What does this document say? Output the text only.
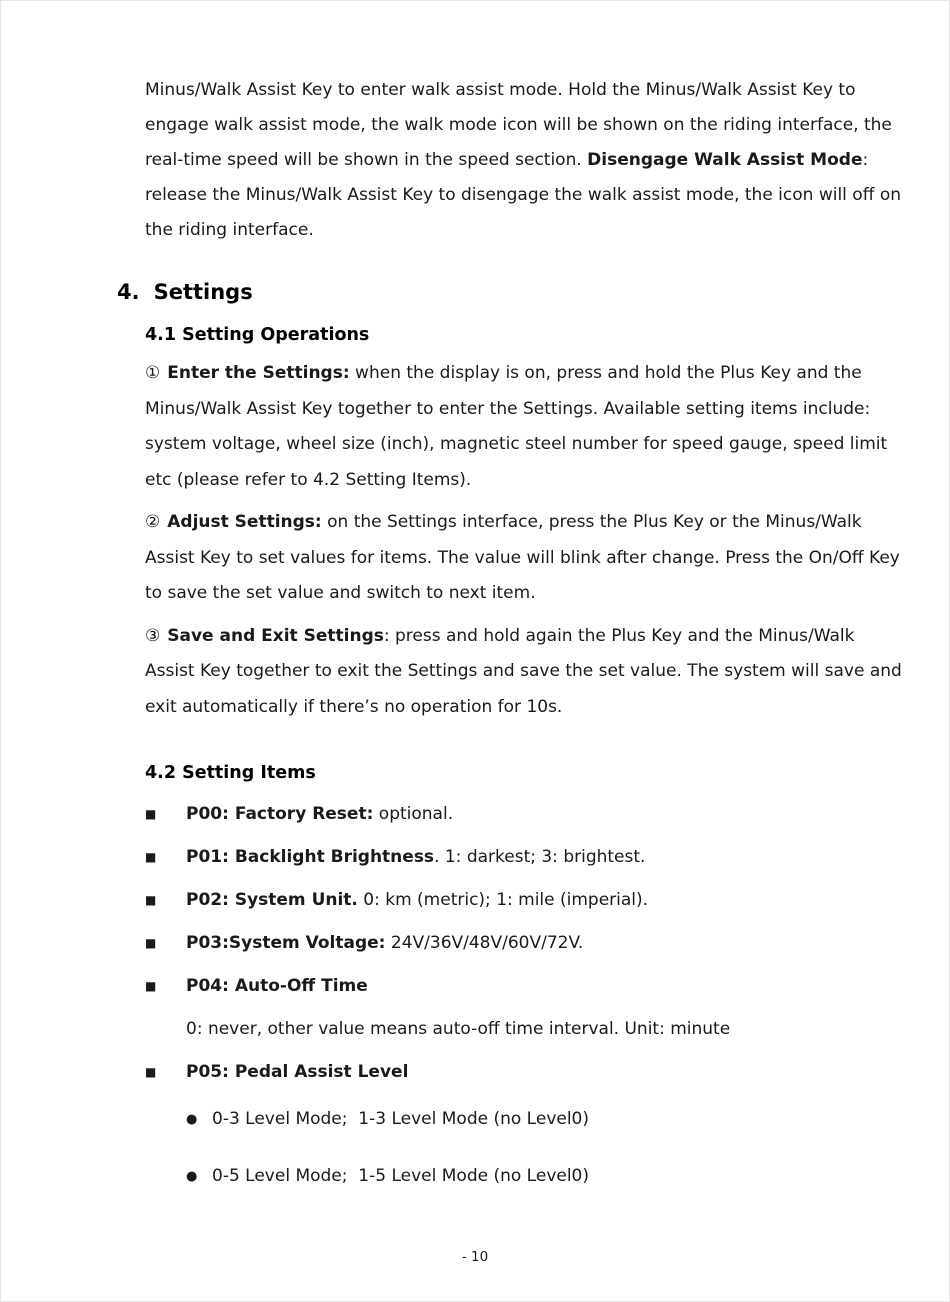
Minus/Walk Assist Key to enter walk assist mode. Hold the Minus/Walk Assist Key to engage walk assist mode, the walk mode icon will be shown on the riding interface, the real-time speed will be shown in the speed section. Disengage Walk Assist Mode: release the Minus/Walk Assist Key to disengage the walk assist mode, the icon will off on the riding interface.

4. Settings
4.1 Setting Operations

① Enter the Settings: when the display is on, press and hold the Plus Key and the Minus/Walk Assist Key together to enter the Settings. Available setting items include: system voltage, wheel size (inch), magnetic steel number for speed gauge, speed limit etc (please refer to 4.2 Setting Items).

② Adjust Settings: on the Settings interface, press the Plus Key or the Minus/Walk Assist Key to set values for items. The value will blink after change. Press the On/Off Key to save the set value and switch to next item.

③ Save and Exit Settings: press and hold again the Plus Key and the Minus/Walk Assist Key together to exit the Settings and save the set value. The system will save and exit automatically if there’s no operation for 10s.

4.2 Setting Items
■	P00: Factory Reset: optional.
■	P01: Backlight Brightness. 1: darkest; 3: brightest.
■	P02: System Unit. 0: km (metric); 1: mile (imperial).
■	P03:System Voltage: 24V/36V/48V/60V/72V.
■	P04: Auto-Off Time
0: never, other value means auto-off time interval. Unit: minute
■	P05: Pedal Assist Level
● 0-3 Level Mode;  1-3 Level Mode (no Level0)
● 0-5 Level Mode;  1-5 Level Mode (no Level0)
- 10
